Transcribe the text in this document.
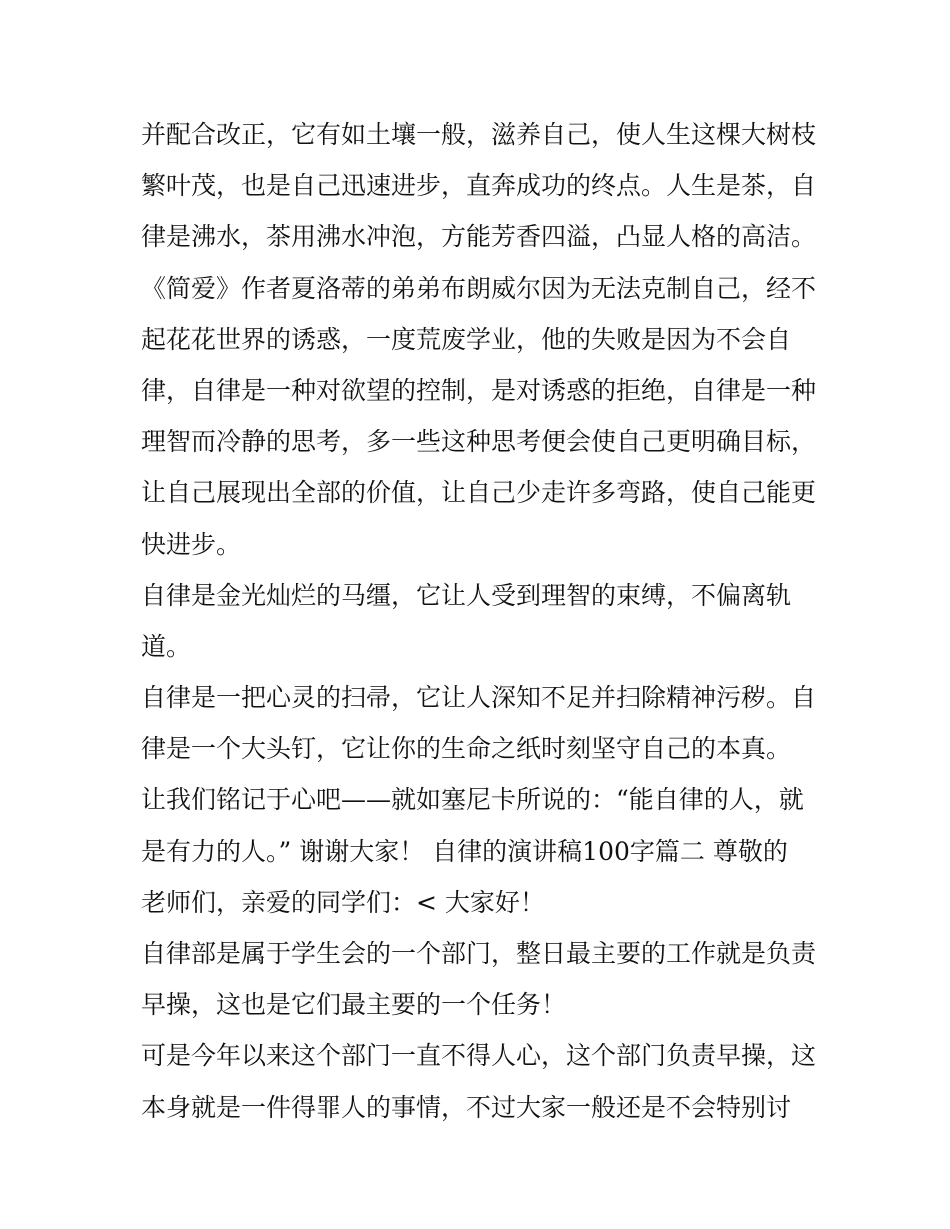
并配合改正，它有如土壤一般，滋养自己，使人生这棵大树枝
繁叶茂，也是自己迅速进步，直奔成功的终点。人生是茶，自
律是沸水，茶用沸水冲泡，方能芳香四溢，凸显人格的高洁。
《简爱》作者夏洛蒂的弟弟布朗威尔因为无法克制自己，经不
起花花世界的诱惑，一度荒废学业，他的失败是因为不会自
律，自律是一种对欲望的控制，是对诱惑的拒绝，自律是一种
理智而冷静的思考，多一些这种思考便会使自己更明确目标，
让自己展现出全部的价值，让自己少走许多弯路，使自己能更
快进步。
自律是金光灿烂的马缰，它让人受到理智的束缚，不偏离轨
道。
自律是一把心灵的扫帚，它让人深知不足并扫除精神污秽。自
律是一个大头钉，它让你的生命之纸时刻坚守自己的本真。
让我们铭记于心吧——就如塞尼卡所说的：“能自律的人，就
是有力的人。” 谢谢大家！ 自律的演讲稿100字篇二 尊敬的
老师们，亲爱的同学们：< 大家好！
自律部是属于学生会的一个部门，整日最主要的工作就是负责
早操，这也是它们最主要的一个任务！
可是今年以来这个部门一直不得人心，这个部门负责早操，这
本身就是一件得罪人的事情，不过大家一般还是不会特别讨
